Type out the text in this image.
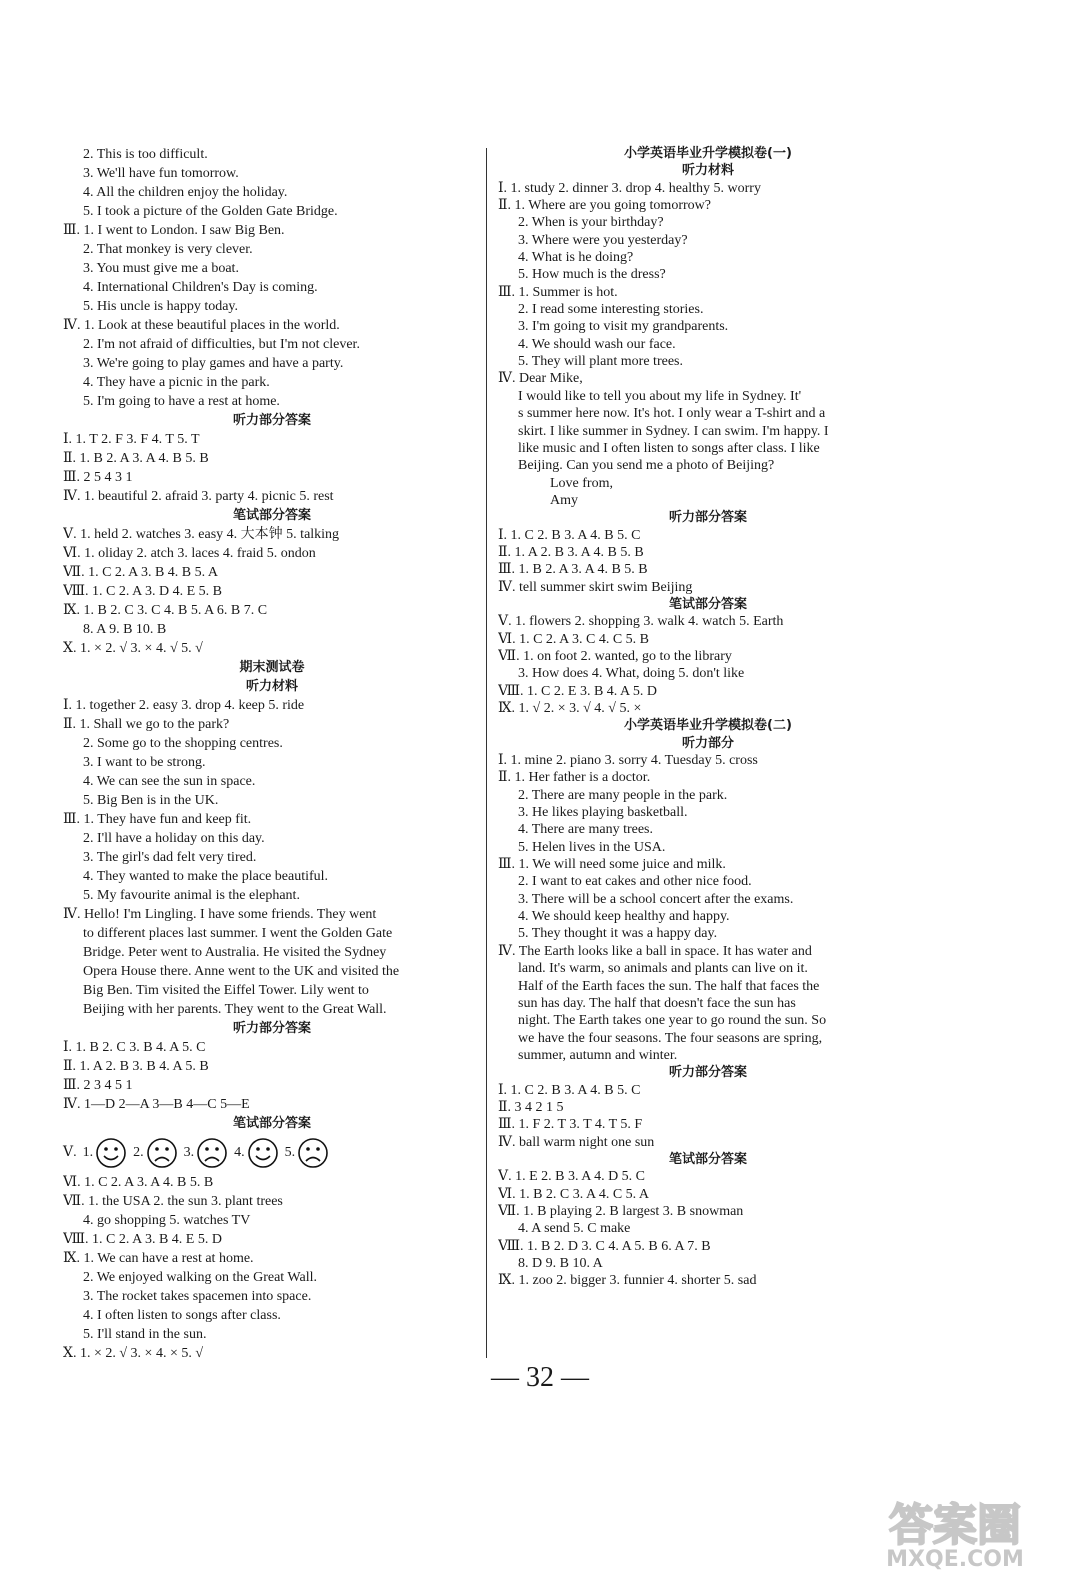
2. This is too difficult.
3. We'll have fun tomorrow.
4. All the children enjoy the holiday.
5. I took a picture of the Golden Gate Bridge.
Ⅲ. 1. I went to London. I saw Big Ben.
2. That monkey is very clever.
3. You must give me a boat.
4. International Children's Day is coming.
5. His uncle is happy today.
Ⅳ. 1. Look at these beautiful places in the world.
2. I'm not afraid of difficulties, but I'm not clever.
3. We're going to play games and have a party.
4. They have a picnic in the park.
5. I'm going to have a rest at home.
听力部分答案
Ⅰ. 1. T 2. F 3. F 4. T 5. T
Ⅱ. 1. B 2. A 3. A 4. B 5. B
Ⅲ. 2 5 4 3 1
Ⅳ. 1. beautiful 2. afraid 3. party 4. picnic 5. rest
笔试部分答案
Ⅴ. 1. held 2. watches 3. easy 4. 大本钟 5. talking
Ⅵ. 1. oliday 2. atch 3. laces 4. fraid 5. ondon
Ⅶ. 1. C 2. A 3. B 4. B 5. A
Ⅷ. 1. C 2. A 3. D 4. E 5. B
Ⅸ. 1. B 2. C 3. C 4. B 5. A 6. B 7. C
8. A 9. B 10. B
Ⅹ. 1. × 2. √ 3. × 4. √ 5. √
期末测试卷
听力材料
Ⅰ. 1. together 2. easy 3. drop 4. keep 5. ride
Ⅱ. 1. Shall we go to the park?
2. Some go to the shopping centres.
3. I want to be strong.
4. We can see the sun in space.
5. Big Ben is in the UK.
Ⅲ. 1. They have fun and keep fit.
2. I'll have a holiday on this day.
3. The girl's dad felt very tired.
4. They wanted to make the place beautiful.
5. My favourite animal is the elephant.
Ⅳ. Hello! I'm Lingling. I have some friends. They went
to different places last summer. I went the Golden Gate
Bridge. Peter went to Australia. He visited the Sydney
Opera House there. Anne went to the UK and visited the
Big Ben. Tim visited the Eiffel Tower. Lily went to
Beijing with her parents. They went to the Great Wall.
听力部分答案
Ⅰ. 1. B 2. C 3. B 4. A 5. C
Ⅱ. 1. A 2. B 3. B 4. A 5. B
Ⅲ. 2 3 4 5 1
Ⅳ. 1—D 2—A 3—B 4—C 5—E
笔试部分答案
Ⅴ. 1.	2.	3.	4.	5.
Ⅵ. 1. C 2. A 3. A 4. B 5. B
Ⅶ. 1. the USA 2. the sun 3. plant trees
4. go shopping 5. watches TV
Ⅷ. 1. C 2. A 3. B 4. E 5. D
Ⅸ. 1. We can have a rest at home.
2. We enjoyed walking on the Great Wall.
3. The rocket takes spacemen into space.
4. I often listen to songs after class.
5. I'll stand in the sun.
Ⅹ. 1. × 2. √ 3. × 4. × 5. √
小学英语毕业升学模拟卷(一)
听力材料
Ⅰ. 1. study 2. dinner 3. drop 4. healthy 5. worry
Ⅱ. 1. Where are you going tomorrow?
2. When is your birthday?
3. Where were you yesterday?
4. What is he doing?
5. How much is the dress?
Ⅲ. 1. Summer is hot.
2. I read some interesting stories.
3. I'm going to visit my grandparents.
4. We should wash our face.
5. They will plant more trees.
Ⅳ. Dear Mike,
I would like to tell you about my life in Sydney. It'
s summer here now. It's hot. I only wear a T-shirt and a
skirt. I like summer in Sydney. I can swim. I'm happy. I
like music and I often listen to songs after class. I like
Beijing. Can you send me a photo of Beijing?
Love from,
Amy
听力部分答案
Ⅰ. 1. C 2. B 3. A 4. B 5. C
Ⅱ. 1. A 2. B 3. A 4. B 5. B
Ⅲ. 1. B 2. A 3. A 4. B 5. B
Ⅳ. tell summer skirt swim Beijing
笔试部分答案
Ⅴ. 1. flowers 2. shopping 3. walk 4. watch 5. Earth
Ⅵ. 1. C 2. A 3. C 4. C 5. B
Ⅶ. 1. on foot 2. wanted, go to the library
3. How does 4. What, doing 5. don't like
Ⅷ. 1. C 2. E 3. B 4. A 5. D
Ⅸ. 1. √ 2. × 3. √ 4. √ 5. ×
小学英语毕业升学模拟卷(二)
听力部分
Ⅰ. 1. mine 2. piano 3. sorry 4. Tuesday 5. cross
Ⅱ. 1. Her father is a doctor.
2. There are many people in the park.
3. He likes playing basketball.
4. There are many trees.
5. Helen lives in the USA.
Ⅲ. 1. We will need some juice and milk.
2. I want to eat cakes and other nice food.
3. There will be a school concert after the exams.
4. We should keep healthy and happy.
5. They thought it was a happy day.
Ⅳ. The Earth looks like a ball in space. It has water and
land. It's warm, so animals and plants can live on it.
Half of the Earth faces the sun. The half that faces the
sun has day. The half that doesn't face the sun has
night. The Earth takes one year to go round the sun. So
we have the four seasons. The four seasons are spring,
summer, autumn and winter.
听力部分答案
Ⅰ. 1. C 2. B 3. A 4. B 5. C
Ⅱ. 3 4 2 1 5
Ⅲ. 1. F 2. T 3. T 4. T 5. F
Ⅳ. ball warm night one sun
笔试部分答案
Ⅴ. 1. E 2. B 3. A 4. D 5. C
Ⅵ. 1. B 2. C 3. A 4. C 5. A
Ⅶ. 1. B playing 2. B largest 3. B snowman
4. A send 5. C make
Ⅷ. 1. B 2. D 3. C 4. A 5. B 6. A 7. B
8. D 9. B 10. A
Ⅸ. 1. zoo 2. bigger 3. funnier 4. shorter 5. sad
— 32 —
答案圈
MXQE.COM
